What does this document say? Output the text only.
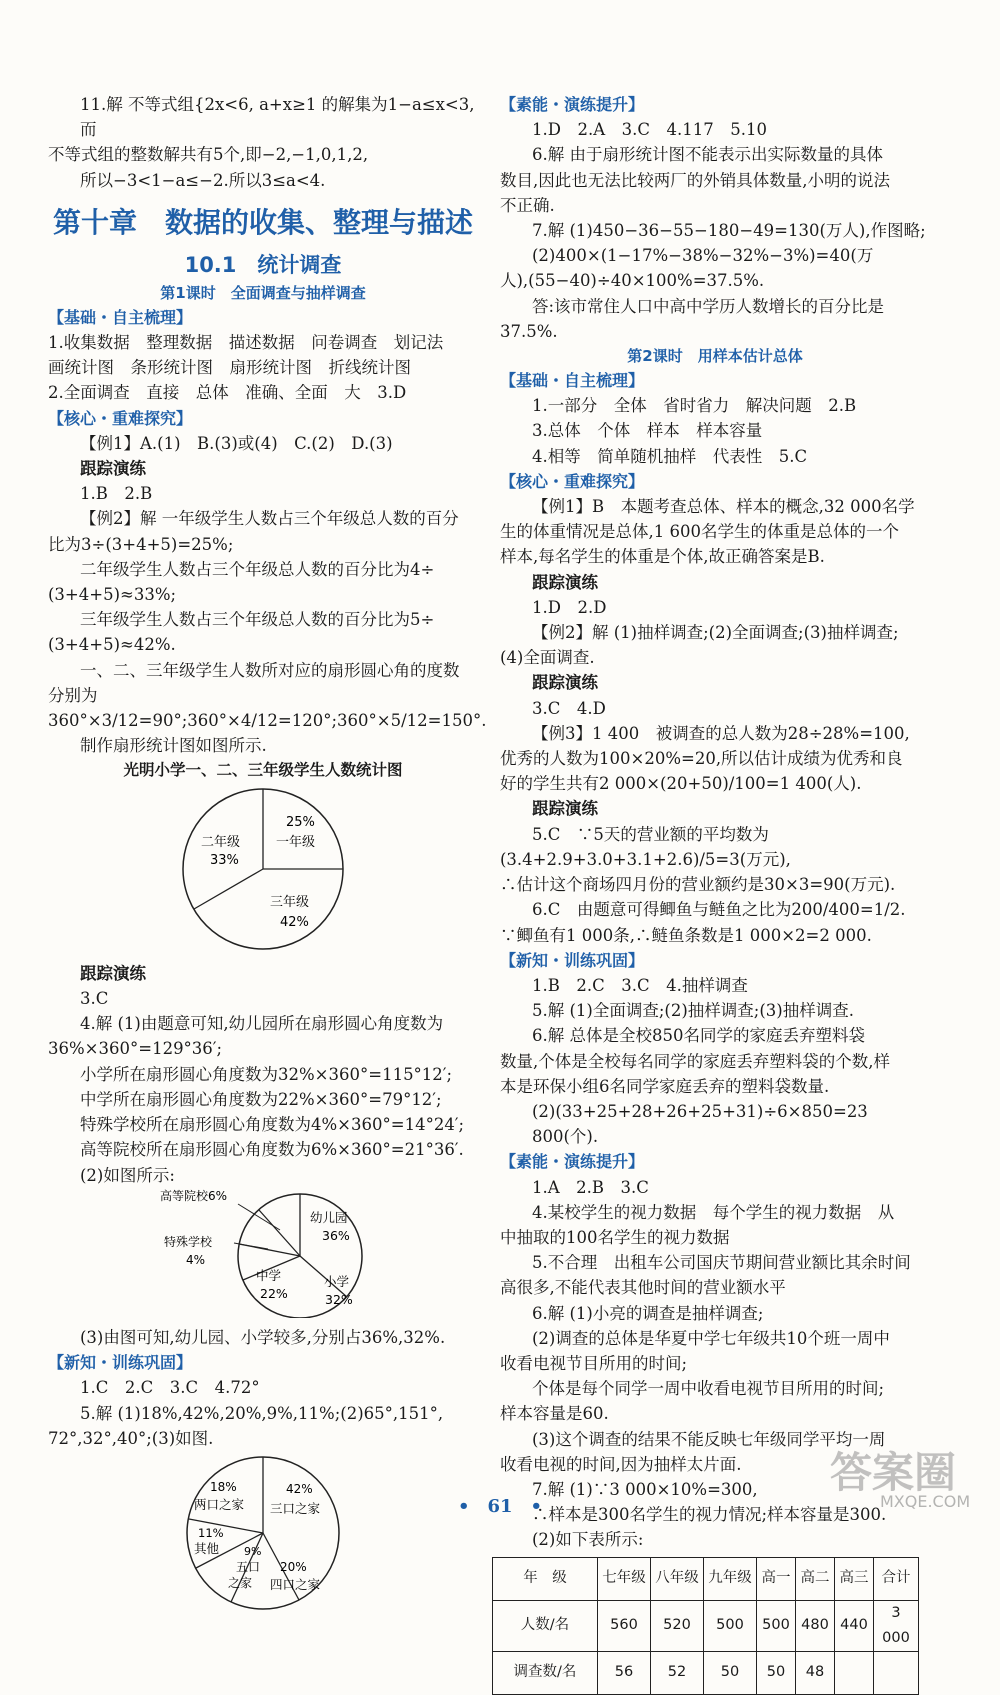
11.解 不等式组{2x<6, a+x≥1 的解集为1−a≤x<3,而
不等式组的整数解共有5个,即−2,−1,0,1,2,
所以−3<1−a≤−2.所以3≤a<4.
第十章　数据的收集、整理与描述
10.1　统计调查
第1课时　全面调查与抽样调查
【基础・自主梳理】
1.收集数据　整理数据　描述数据　问卷调查　划记法
画统计图　条形统计图　扇形统计图　折线统计图
2.全面调查　直接　总体　准确、全面　大　3.D
【核心・重难探究】
【例1】A.(1)　B.(3)或(4)　C.(2)　D.(3)
跟踪演练
1.B　2.B
【例2】解 一年级学生人数占三个年级总人数的百分
比为3÷(3+4+5)=25%;
二年级学生人数占三个年级总人数的百分比为4÷
(3+4+5)≈33%;
三年级学生人数占三个年级总人数的百分比为5÷
(3+4+5)≈42%.
一、二、三年级学生人数所对应的扇形圆心角的度数
分别为 360°×3/12=90°;360°×4/12=120°;360°×5/12=150°.
制作扇形统计图如图所示.
光明小学一、二、三年级学生人数统计图
25%
一年级
二年级
33%
三年级
42%
跟踪演练
3.C
4.解 (1)由题意可知,幼儿园所在扇形圆心角度数为
36%×360°=129°36′;
小学所在扇形圆心角度数为32%×360°=115°12′;
中学所在扇形圆心角度数为22%×360°=79°12′;
特殊学校所在扇形圆心角度数为4%×360°=14°24′;
高等院校所在扇形圆心角度数为6%×360°=21°36′.
(2)如图所示:
高等院校6%
幼儿园
36%
特殊学校
4%
中学
22%
小学
32%
(3)由图可知,幼儿园、小学较多,分别占36%,32%.
【新知・训练巩固】
1.C　2.C　3.C　4.72°
5.解 (1)18%,42%,20%,9%,11%;(2)65°,151°,
72°,32°,40°;(3)如图.
18%
两口之家
42%
三口之家
11%
其他 9%
五口
之家
20%
四口之家
【素能・演练提升】
1.D　2.A　3.C　4.117　5.10
6.解 由于扇形统计图不能表示出实际数量的具体
数目,因此也无法比较两厂的外销具体数量,小明的说法
不正确.
7.解 (1)450−36−55−180−49=130(万人),作图略;
(2)400×(1−17%−38%−32%−3%)=40(万
人),(55−40)÷40×100%=37.5%.
答:该市常住人口中高中学历人数增长的百分比是
37.5%.
第2课时　用样本估计总体
【基础・自主梳理】
1.一部分　全体　省时省力　解决问题　2.B
3.总体　个体　样本　样本容量
4.相等　简单随机抽样　代表性　5.C
【核心・重难探究】
【例1】B　本题考查总体、样本的概念,32 000名学
生的体重情况是总体,1 600名学生的体重是总体的一个
样本,每名学生的体重是个体,故正确答案是B.
跟踪演练
1.D　2.D
【例2】解 (1)抽样调查;(2)全面调查;(3)抽样调查;
(4)全面调查.
跟踪演练
3.C　4.D
【例3】1 400　被调查的总人数为28÷28%=100,
优秀的人数为100×20%=20,所以估计成绩为优秀和良
好的学生共有2 000×(20+50)/100=1 400(人).
跟踪演练
5.C　∵5天的营业额的平均数为
(3.4+2.9+3.0+3.1+2.6)/5=3(万元),
∴估计这个商场四月份的营业额约是30×3=90(万元).
6.C　由题意可得鲫鱼与鲢鱼之比为200/400=1/2.
∵鲫鱼有1 000条,∴鲢鱼条数是1 000×2=2 000.
【新知・训练巩固】
1.B　2.C　3.C　4.抽样调查
5.解 (1)全面调查;(2)抽样调查;(3)抽样调查.
6.解 总体是全校850名同学的家庭丢弃塑料袋
数量,个体是全校每名同学的家庭丢弃塑料袋的个数,样
本是环保小组6名同学家庭丢弃的塑料袋数量.
(2)(33+25+28+26+25+31)÷6×850=23 800(个).
【素能・演练提升】
1.A　2.B　3.C
4.某校学生的视力数据　每个学生的视力数据　从
中抽取的100名学生的视力数据
5.不合理　出租车公司国庆节期间营业额比其余时间
高很多,不能代表其他时间的营业额水平
6.解 (1)小亮的调查是抽样调查;
(2)调查的总体是华夏中学七年级共10个班一周中
收看电视节目所用的时间;
个体是每个同学一周中收看电视节目所用的时间;
样本容量是60.
(3)这个调查的结果不能反映七年级同学平均一周
收看电视的时间,因为抽样太片面.
7.解 (1)∵3 000×10%=300,
∴样本是300名学生的视力情况;样本容量是300.
(2)如下表所示:
年　级	七年级	八年级	九年级	高一	高二	高三	合计
人数/名	560	520	500	500	480	440	3 000
调查数/名	56	52	50	50	48		
•　61　•
答案圈
MXQE.COM
